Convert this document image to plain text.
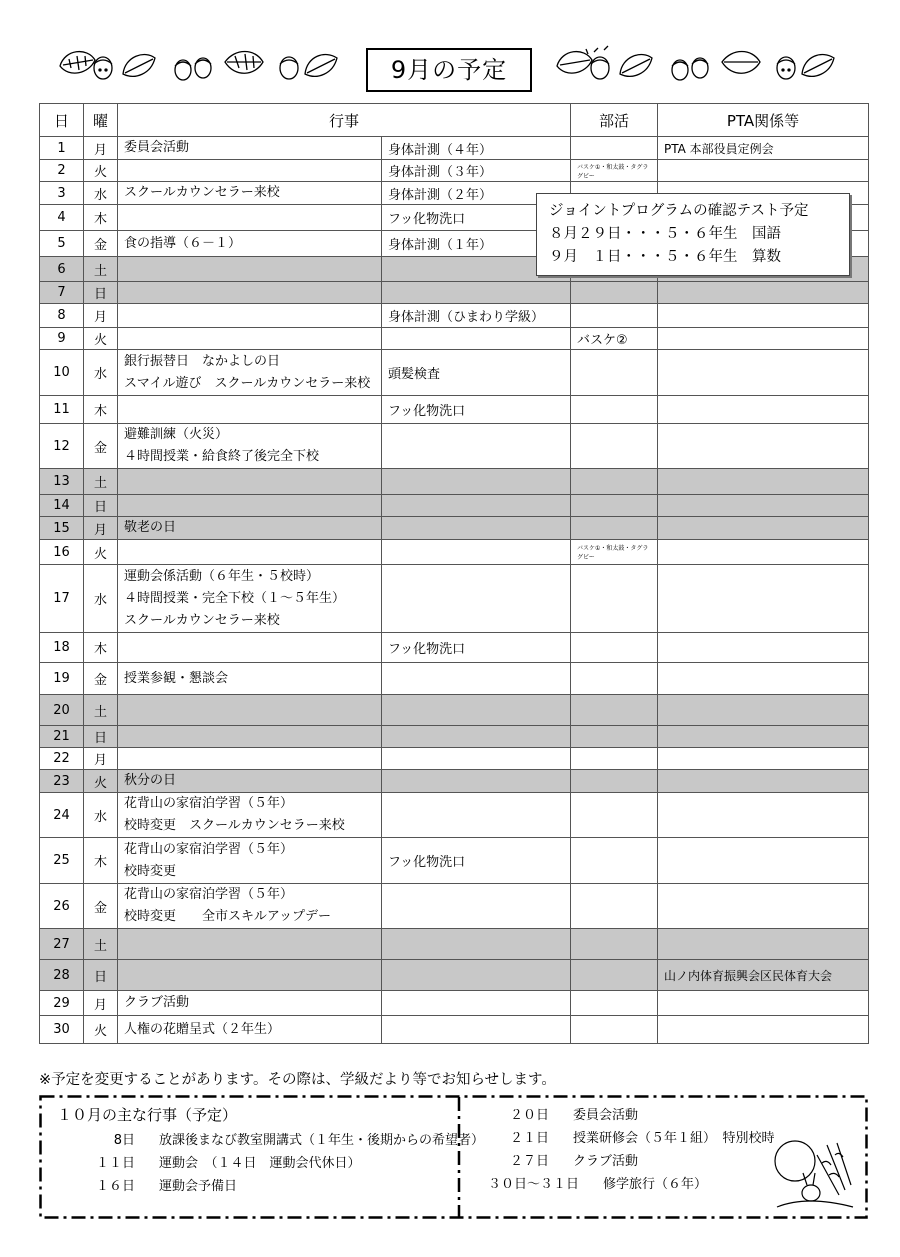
9月の予定
日	曜	行事		部活	PTA関係等
1	月	委員会活動	身体計測（４年）		PTA 本部役員定例会
2	火		身体計測（３年）	バスケ①・和太鼓・タグラグビー	
3	水	スクールカウンセラー来校	身体計測（２年）		
4	木		フッ化物洗口		
5	金	食の指導（６－１）	身体計測（１年）		
6	土				
7	日				
8	月		身体計測（ひまわり学級）		
9	火			バスケ②	
10	水	銀行振替日　なかよしの日
スマイル遊び　スクールカウンセラー来校	頭髪検査		
11	木		フッ化物洗口		
12	金	避難訓練（火災）
４時間授業・給食終了後完全下校			

13	土				
14	日				
15	月	敬老の日			

16	火			バスケ①・和太鼓・タグラグビー	
17	水	運動会係活動（６年生・５校時）
４時間授業・完全下校（１～５年生）
スクールカウンセラー来校			

18	木		フッ化物洗口		
19	金	授業参観・懇談会			

20	土				
21	日				
22	月				
23	火	秋分の日			

24	水	花背山の家宿泊学習（５年）
校時変更　スクールカウンセラー来校			

25	木	花背山の家宿泊学習（５年）
校時変更	フッ化物洗口		
26	金	花背山の家宿泊学習（５年）
校時変更　　全市スキルアップデー			

27	土				
28	日				山ノ内体育振興会区民体育大会
29	月	クラブ活動			

30	火	人権の花贈呈式（２年生）			

ジョイントプログラムの確認テスト予定
８月２９日・・・５・６年生　国語
９月　１日・・・５・６年生　算数
※予定を変更することがあります。その際は、学級だより等でお知らせします。
１０月の主な行事（予定）
8日 放課後まなび教室開講式（１年生・後期からの希望者）
１１日 運動会　（１４日　運動会代休日）
１６日 運動会予備日
２０日 委員会活動
２１日 授業研修会（５年１組）　特別校時
２７日 クラブ活動
３０日～３１日 修学旅行（６年）
